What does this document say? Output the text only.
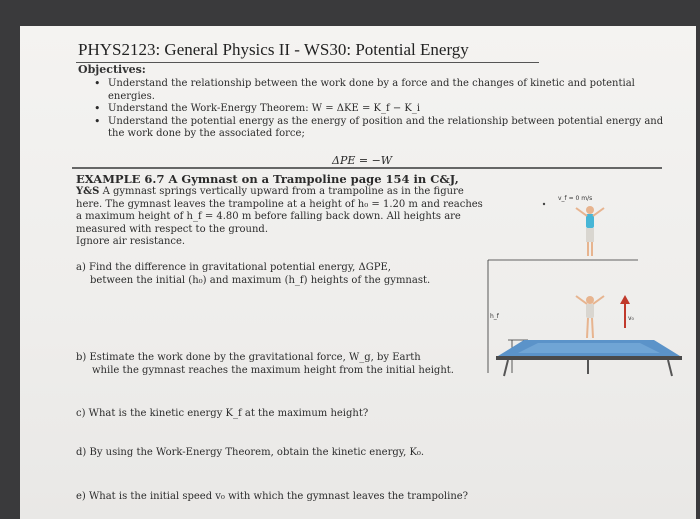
PHYS2123: General Physics II - WS30: Potential Energy
Objectives:
• Understand the relationship between the work done by a force and the changes of kinetic and potential energies.
• Understand the Work-Energy Theorem: W = ΔKE = K_f − K_i
• Understand the potential energy as the energy of position and the relationship between potential energy and the work done by the associated force;
ΔPE = −W
EXAMPLE 6.7 A Gymnast on a Trampoline page 154 in C&J,

Y&S A gymnast springs vertically upward from a trampoline as in the figure here. The gymnast leaves the trampoline at a height of h₀ = 1.20 m and reaches a maximum height of h_f = 4.80 m before falling back down. All heights are measured with respect to the ground.

Ignore air resistance.

a) Find the difference in gravitational potential energy, ΔGPE,
between the initial (h₀) and maximum (h_f) heights of the gymnast.
v_f = 0 m/s
h_f	v₀
b) Estimate the work done by the gravitational force, W_g, by Earth
while the gymnast reaches the maximum height from the initial height.
c) What is the kinetic energy K_f at the maximum height?
d) By using the Work-Energy Theorem, obtain the kinetic energy, K₀.
e) What is the initial speed v₀ with which the gymnast leaves the trampoline?
